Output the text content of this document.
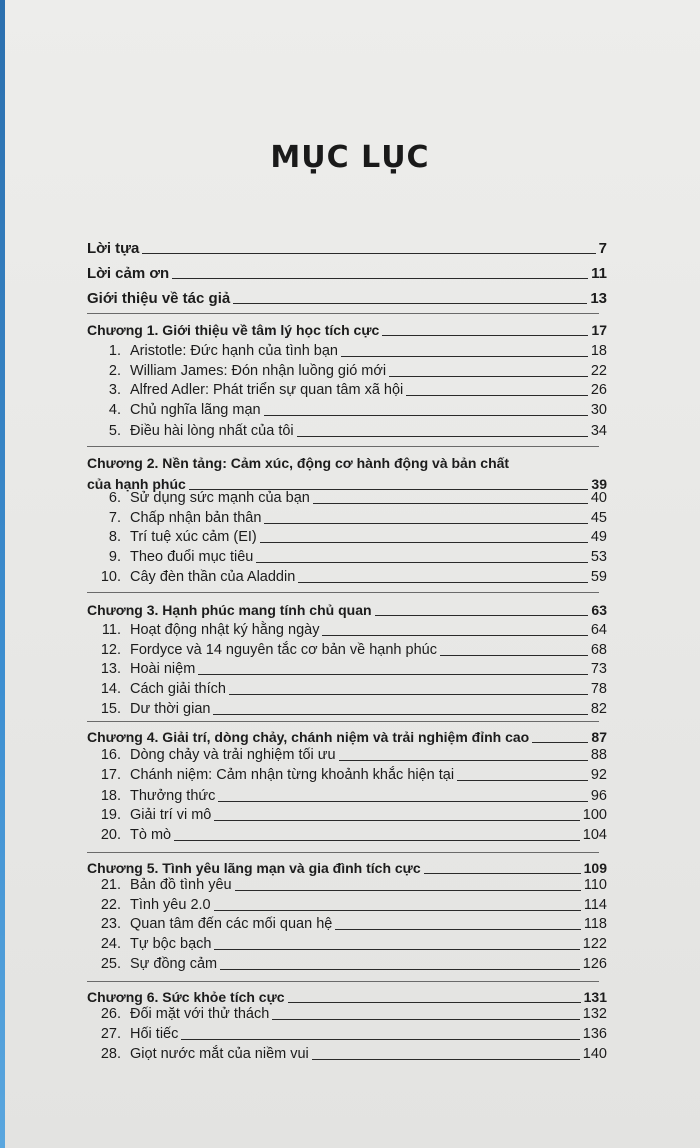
MỤC LỤC
Lời tựa	7
Lời cảm ơn	11
Giới thiệu về tác giả	13
Chương 1. Giới thiệu về tâm lý học tích cực	17
1. Aristotle: Đức hạnh của tình bạn	18
2. William James: Đón nhận luồng gió mới	22
3. Alfred Adler: Phát triển sự quan tâm xã hội	26
4. Chủ nghĩa lãng mạn	30
5. Điều hài lòng nhất của tôi	34
Chương 2. Nền tảng: Cảm xúc, động cơ hành động và bản chất
của hạnh phúc	39
6. Sử dụng sức mạnh của bạn	40
7. Chấp nhận bản thân	45
8. Trí tuệ xúc cảm (EI)	49
9. Theo đuổi mục tiêu	53
10. Cây đèn thần của Aladdin	59
Chương 3. Hạnh phúc mang tính chủ quan	63
11. Hoạt động nhật ký hằng ngày	64
12. Fordyce và 14 nguyên tắc cơ bản về hạnh phúc	68
13. Hoài niệm	73
14. Cách giải thích	78
15. Dư thời gian	82
Chương 4. Giải trí, dòng chảy, chánh niệm và trải nghiệm đỉnh cao	87
16. Dòng chảy và trải nghiệm tối ưu	88
17. Chánh niệm: Cảm nhận từng khoảnh khắc hiện tại	92
18. Thưởng thức	96
19. Giải trí vi mô	100
20. Tò mò	104
Chương 5. Tình yêu lãng mạn và gia đình tích cực	109
21. Bản đồ tình yêu	110
22. Tình yêu 2.0	114
23. Quan tâm đến các mối quan hệ	118
24. Tự bộc bạch	122
25. Sự đồng cảm	126
Chương 6. Sức khỏe tích cực	131
26. Đối mặt với thử thách	132
27. Hối tiếc	136
28. Giọt nước mắt của niềm vui	140
